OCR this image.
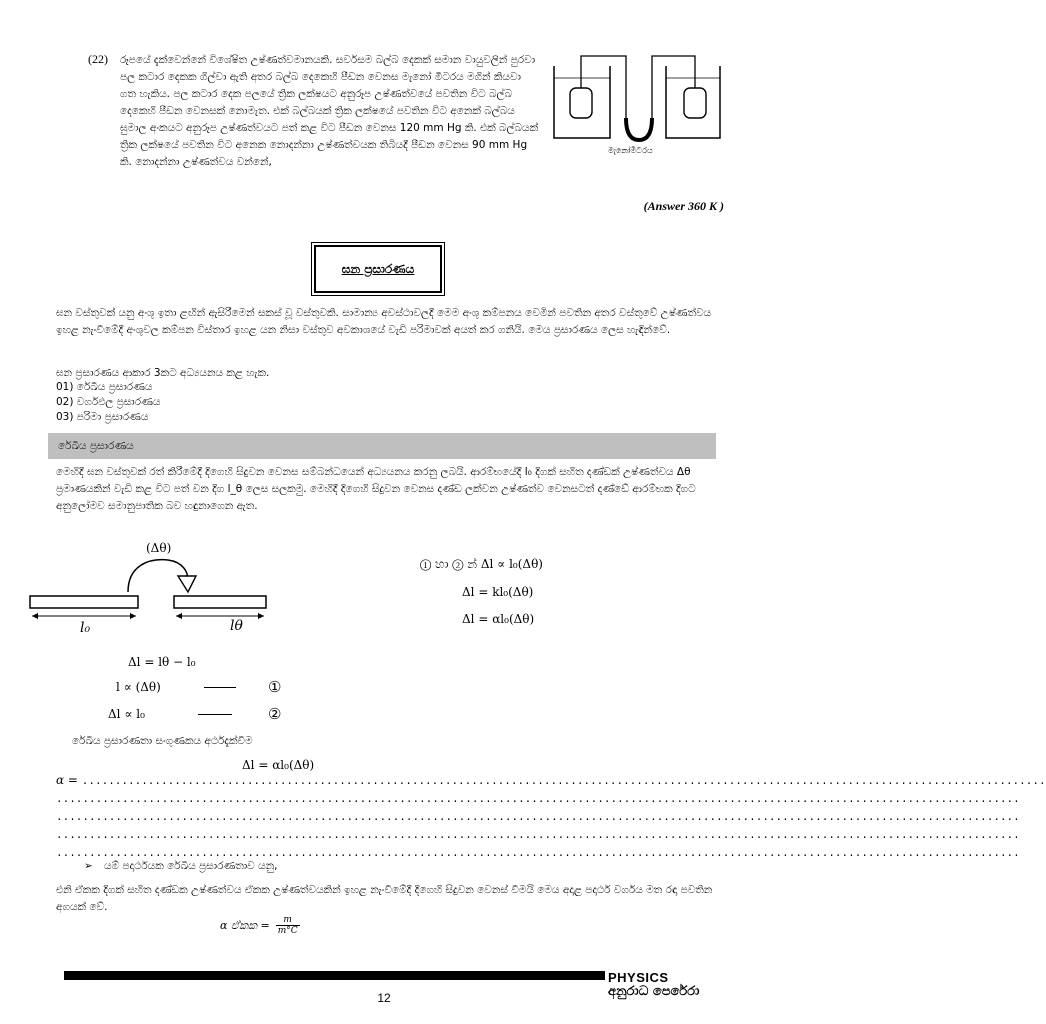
(22) රූපයේ දැක්වෙන්නේ විශේෂිත උෂ්ණත්වමානයකි. සර්වසම බල්බ දෙකක් සමාන වායුවලින් පුරවා පල කටාර දෙකක ගිල්වා ඇති අතර බල්බ දෙකෙහි පීඩන වෙනස මැනෝ මීටරය මගින් කියවා ගත හැකිය. පල කටාර දෙක පලයේ ත්‍රික ලක්ෂයට අනුරූප උෂ්ණත්වයේ පවතින විට බල්බ දෙකෙහි පීඩන වෙනසක් නොමැත. එක් බල්බයක් ත්‍රික ලක්ෂයේ පවතින විට අනෙක් බල්බය ඝුමාල අංකයට අනුරූප උෂ්ණත්වයට පත් කළ විට පීඩන වෙනස 120 mm Hg කි. එක් බල්බයක් ත්‍රික ලක්ෂයේ පවතින විට අනෙක නොදන්නා උෂ්ණත්වයක තිබියදී පීඩන වෙනස 90 mm Hg කි. නොදන්නා උෂ්ණත්වය වන්නේ,
මැනෝමීටරය
(Answer 360 K )
ඝන ප්‍රසාරණය
ඝන වස්තුවක් යනු අංශු ඉතා ළඟින් ඇසිරීමෙන් සකස් වූ වස්තුවකි. සාමාන්‍ය අවස්ථාවලදී මෙම අංශු කම්පනය වෙමින් පවතින අතර වස්තුවේ උෂ්ණත්වය ඉහළ නැංවීමේදී අංශුවල කම්පන විස්තාර ඉහළ යන නිසා වස්තුව අවකාශයේ වැඩි පරිමාවක් අයත් කර ගනියි. මෙය ප්‍රසාරණය ලෙස හැඳින්වේ.
ඝන ප්‍රසාරණය ආකාර 3කට අධ්‍යයනය කළ හැක.
01) රේඛීය ප්‍රසාරණය
02) වර්ගඵල ප්‍රසාරණය
03) පරිමා ප්‍රසාරණය
රේඛීය ප්‍රසාරණය
මෙහිදී ඝන වස්තුවක් රත් කිරීමේදී දිගෙහි සිදුවන වෙනස සම්බන්ධයෙන් අධ්‍යයනය කරනු ලබයි. ආරම්භයේදී l₀ දිගක් සහිත දණ්ඩක් උෂ්ණත්වය Δθ ප්‍රමාණයකින් වැඩි කළ විට පත් වන දිග l_θ ලෙස සලකමු. මෙහිදී දිගෙහි සිදුවන වෙනස දණ්ඩ ලක්වන උෂ්ණත්ව වෙනසටත් දණ්ඩේ ආරම්භක දිගට අනුලෝමව සමානුපාතික බව හඳුනාගෙන ඇත.
(Δθ)
l₀	lθ
Δl = lθ − l₀
l ∝ (Δθ)	①
Δl ∝ l₀	②
① හා ② න් Δl ∝ l₀(Δθ)
Δl = kl₀(Δθ)
Δl = αl₀(Δθ)
රේඛීය ප්‍රසාරණතා සංගුණකය අර්ථදැක්වීම
Δl = αl₀(Δθ)
α = ..................................................................................................................................................
..................................................................................................................................................
..................................................................................................................................................
..................................................................................................................................................
..................................................................................................................................................
➢ යම් පදාර්ථයක රේඛීය ප්‍රසාරණතාව යනු,
එනි ඒකක දිගක් සහිත දණ්ඩක උෂ්ණත්වය ඒකක උෂ්ණත්වයකින් ඉහළ නැංවීමේදී දිගෙහි සිදුවන වෙනස් වීමයි මෙය අදාළ පදාර්ථ වර්ගය මත රඳා පවතින අගයක් වේ.
α ඒකක = $\frac{m}{m^\circ C}$
PHYSICS
අනුරාධ පෙරේරා
12
